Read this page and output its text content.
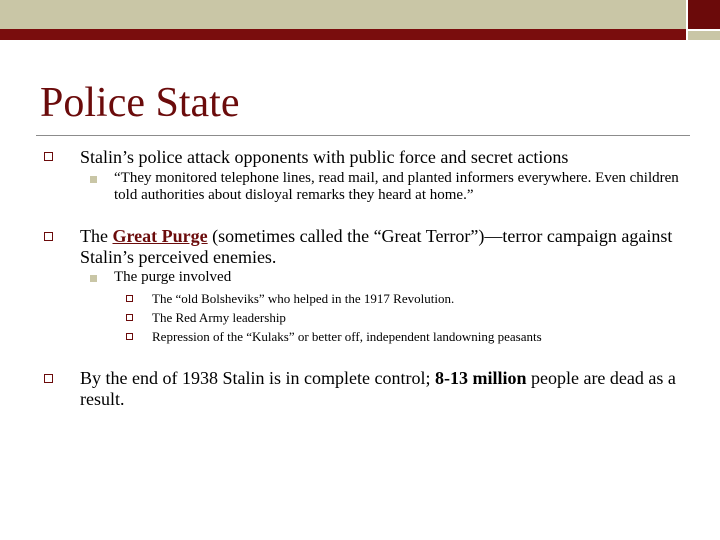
Police State
Stalin’s police attack opponents with public force and secret actions
“They monitored telephone lines, read mail, and planted informers everywhere. Even children told authorities about disloyal remarks they heard at home.”
The Great Purge (sometimes called the “Great Terror”)—terror campaign against Stalin’s perceived enemies.
The purge involved
The “old Bolsheviks” who helped in the 1917 Revolution.
The Red Army leadership
Repression of the “Kulaks” or better off, independent landowning peasants
By the end of 1938 Stalin is in complete control; 8-13 million people are dead as a result.
